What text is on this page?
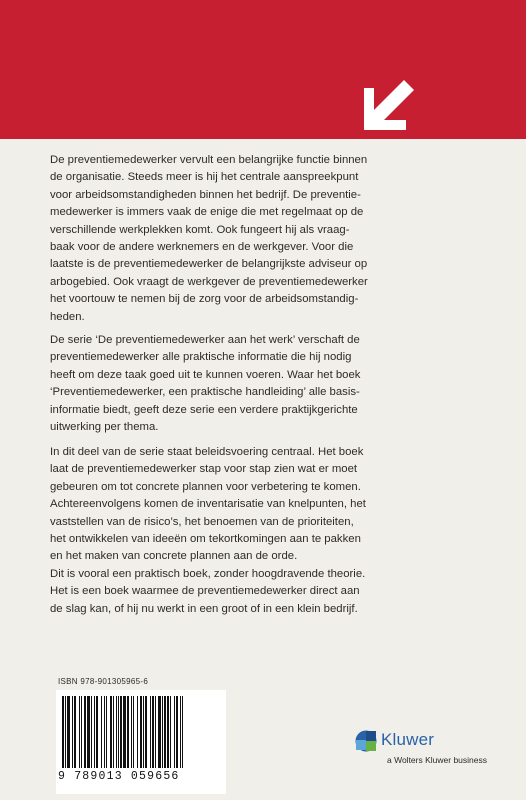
De preventiemedewerker vervult een belangrijke functie binnen
de organisatie. Steeds meer is hij het centrale aanspreekpunt
voor arbeidsomstandigheden binnen het bedrijf. De preventie-
medewerker is immers vaak de enige die met regelmaat op de
verschillende werkplekken komt. Ook fungeert hij als vraag-
baak voor de andere werknemers en de werkgever. Voor die
laatste is de preventiemedewerker de belangrijkste adviseur op
arbogebied. Ook vraagt de werkgever de preventiemedewerker
het voortouw te nemen bij de zorg voor de arbeidsomstandig-
heden.

De serie ‘De preventiemedewerker aan het werk’ verschaft de
preventiemedewerker alle praktische informatie die hij nodig
heeft om deze taak goed uit te kunnen voeren. Waar het boek
‘Preventiemedewerker, een praktische handleiding’ alle basis-
informatie biedt, geeft deze serie een verdere praktijkgerichte
uitwerking per thema.

In dit deel van de serie staat beleidsvoering centraal. Het boek
laat de preventiemedewerker stap voor stap zien wat er moet
gebeuren om tot concrete plannen voor verbetering te komen.
Achtereenvolgens komen de inventarisatie van knelpunten, het
vaststellen van de risico’s, het benoemen van de prioriteiten,
het ontwikkelen van ideeën om tekortkomingen aan te pakken
en het maken van concrete plannen aan de orde.
Dit is vooral een praktisch boek, zonder hoogdravende theorie.
Het is een boek waarmee de preventiemedewerker direct aan
de slag kan, of hij nu werkt in een groot of in een klein bedrijf.

ISBN 978-901305965-6
9 789013 059656
Kluwer
a Wolters Kluwer business
